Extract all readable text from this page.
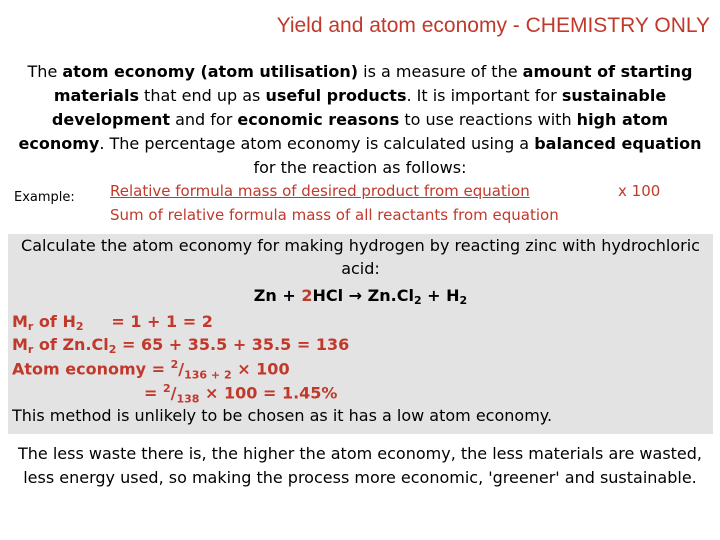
Yield and atom economy - CHEMISTRY ONLY
The atom economy (atom utilisation) is a measure of the amount of starting materials that end up as useful products. It is important for sustainable development and for economic reasons to use reactions with high atom economy. The percentage atom economy is calculated using a balanced equation for the reaction as follows:
Example: Relative formula mass of desired product from equation
Sum of relative formula mass of all reactants from equation
x 100
Calculate the atom economy for making hydrogen by reacting zinc with hydrochloric
acid:
$Zn + 2HCl \to Zn.Cl_2 + H_2$
$M_r$ of $H_2$     = 1 + 1 = 2
$M_r$ of $Zn.Cl_2 = 65 + 35.5 + 35.5 = 136$
Atom economy = $^2/_{136 + 2} \times 100$
= $^2/_{138} \times 100 = 1.45\%$
This method is unlikely to be chosen as it has a low atom economy.
The less waste there is, the higher the atom economy, the less materials are wasted, less energy used, so making the process more economic, 'greener' and sustainable.
